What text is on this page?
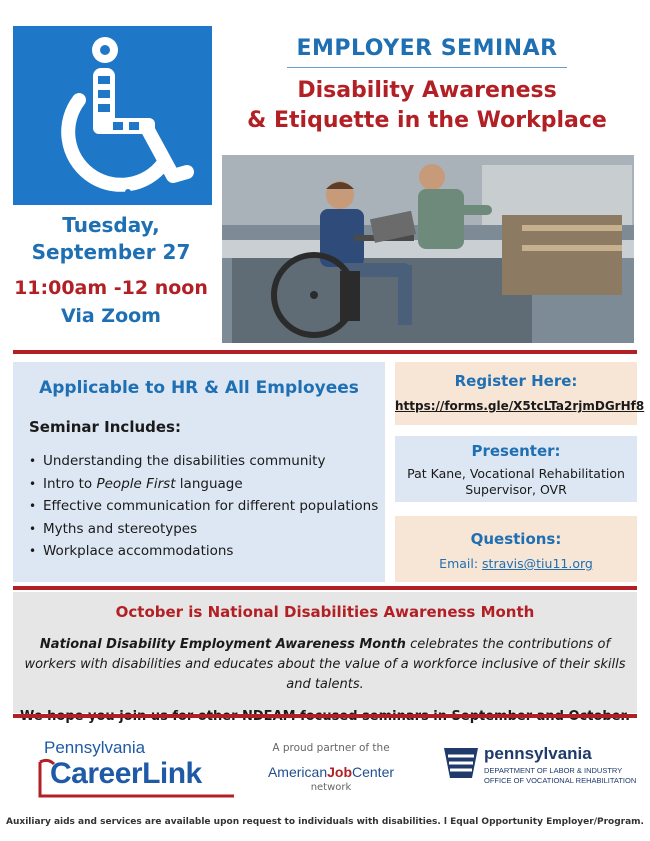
Tuesday,
September 27
11:00am -12 noon
Via Zoom
EMPLOYER SEMINAR
Disability Awareness
& Etiquette in the Workplace
Applicable to HR & All Employees
Seminar Includes:
• Understanding the disabilities community
• Intro to People First language
• Effective communication for different populations
• Myths and stereotypes
• Workplace accommodations
Register Here:
https://forms.gle/X5tcLTa2rjmDGrHf8
Presenter:
Pat Kane, Vocational Rehabilitation
Supervisor, OVR
Questions:
Email: stravis@tiu11.org
October is National Disabilities Awareness Month
National Disability Employment Awareness Month celebrates the contributions of workers with disabilities and educates about the value of a workforce inclusive of their skills and talents.
Pennsylvania
CareerLink
A proud partner of the
AmericanJobCenter
network
pennsylvania
DEPARTMENT OF LABOR & INDUSTRY
OFFICE OF VOCATIONAL REHABILITATION
Auxiliary aids and services are available upon request to individuals with disabilities. l Equal Opportunity Employer/Program.
